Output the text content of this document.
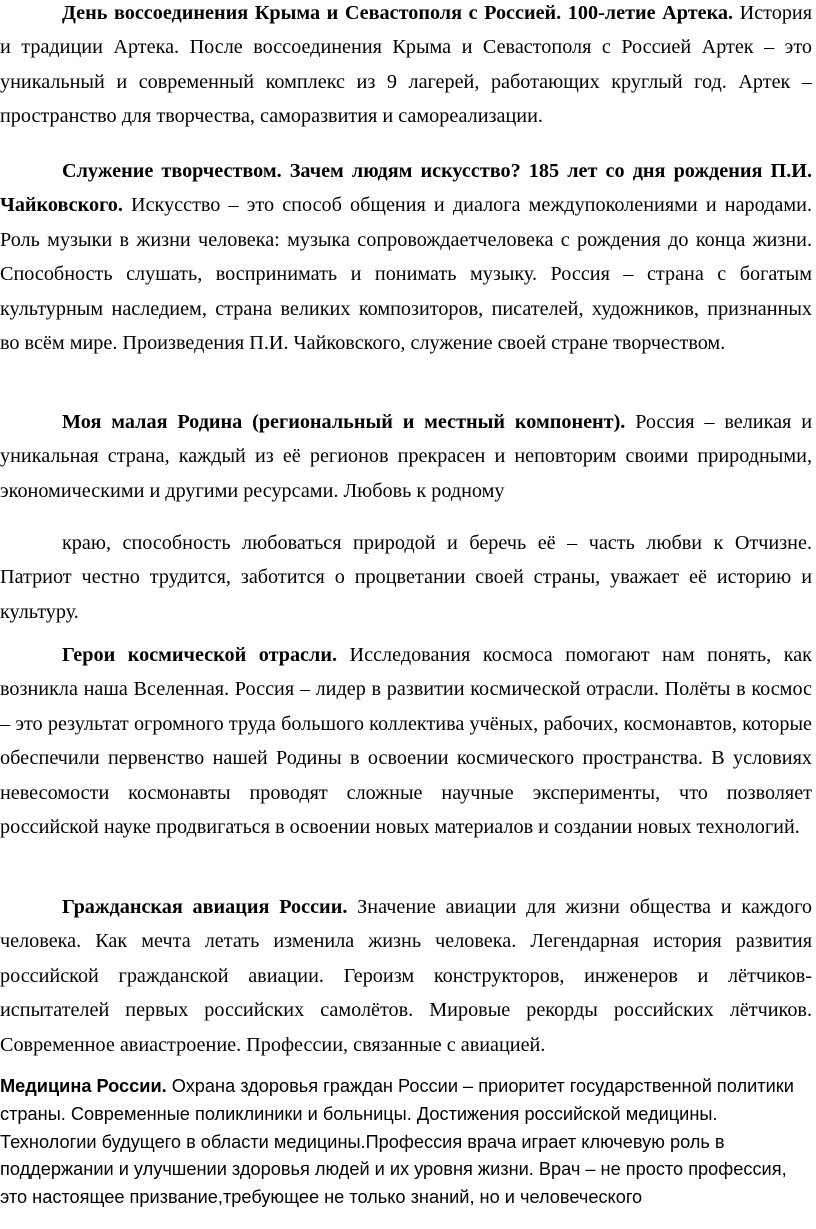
День воссоединения Крыма и Севастополя с Россией. 100-летие Артека. История и традиции Артека. После воссоединения Крыма и Севастополя с Россией Артек – это уникальный и современный комплекс из 9 лагерей, работающих круглый год. Артек – пространство для творчества, саморазвития и самореализации.

Служение творчеством. Зачем людям искусство? 185 лет со дня рождения П.И. Чайковского. Искусство – это способ общения и диалога междупоколениями и народами. Роль музыки в жизни человека: музыка сопровождаетчеловека с рождения до конца жизни. Способность слушать, воспринимать и понимать музыку. Россия – страна с богатым культурным наследием, страна великих композиторов, писателей, художников, признанных во всём мире. Произведения П.И. Чайковского, служение своей стране творчеством.

Моя малая Родина (региональный и местный компонент). Россия – великая и уникальная страна, каждый из её регионов прекрасен и неповторим своими природными, экономическими и другими ресурсами. Любовь к родному

краю, способность любоваться природой и беречь её – часть любви к Отчизне. Патриот честно трудится, заботится о процветании своей страны, уважает её историю и культуру.

Герои космической отрасли. Исследования космоса помогают нам понять, как возникла наша Вселенная. Россия – лидер в развитии космической отрасли. Полёты в космос – это результат огромного труда большого коллектива учёных, рабочих, космонавтов, которые обеспечили первенство нашей Родины в освоении космического пространства. В условиях невесомости космонавты проводят сложные научные эксперименты, что позволяет российской науке продвигаться в освоении новых материалов и создании новых технологий.

Гражданская авиация России. Значение авиации для жизни общества и каждого человека. Как мечта летать изменила жизнь человека. Легендарная история развития российской гражданской авиации. Героизм конструкторов, инженеров и лётчиков-испытателей первых российских самолётов. Мировые рекорды российских лётчиков. Современное авиастроение. Профессии, связанные с авиацией.

Медицина России. Охрана здоровья граждан России – приоритет государственной политики страны. Современные поликлиники и больницы. Достижения российской медицины. Технологии будущего в области медицины.Профессия врача играет ключевую роль в поддержании и улучшении здоровья людей и их уровня жизни. Врач – не просто профессия, это настоящее призвание,требующее не только знаний, но и человеческого
